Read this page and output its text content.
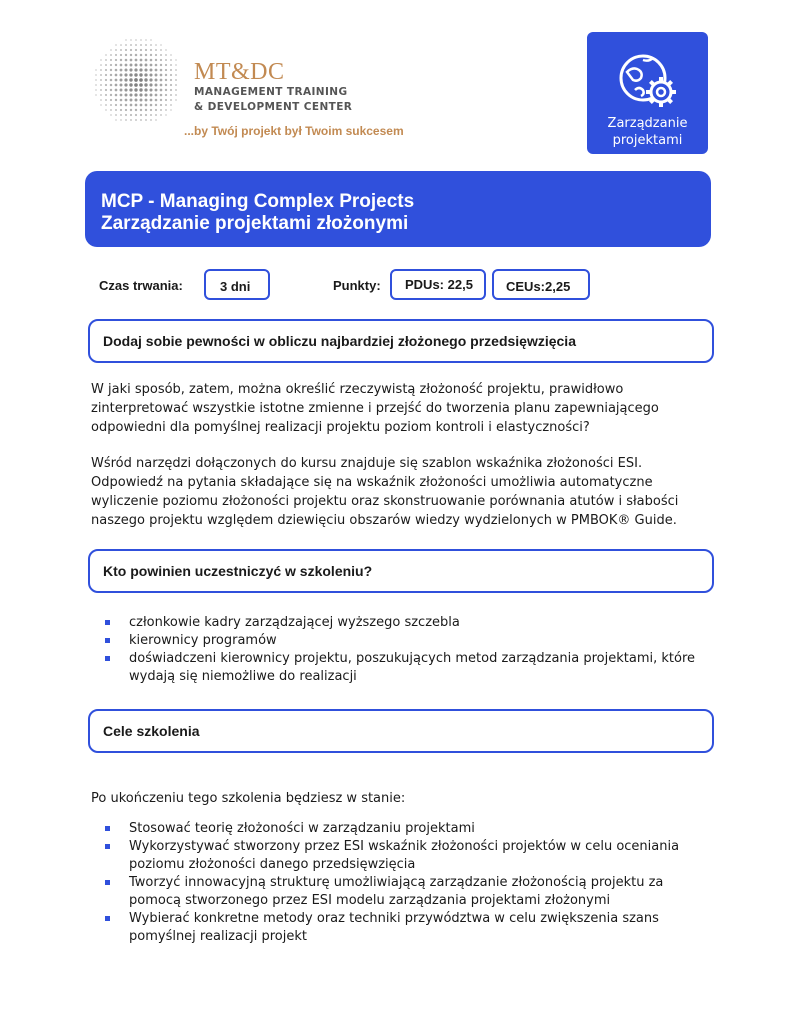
MT&DC
MANAGEMENT TRAINING
& DEVELOPMENT CENTER
...by Twój projekt był Twoim sukcesem	Zarządzanie
projektami
MCP - Managing Complex Projects
Zarządzanie projektami złożonymi
Czas trwania:	3 dni	Punkty:	PDUs: 22,5	CEUs:2,25
Dodaj sobie pewności w obliczu najbardziej złożonego przedsięwzięcia
W jaki sposób, zatem, można określić rzeczywistą złożoność projektu, prawidłowo zinterpretować wszystkie istotne zmienne i przejść do tworzenia planu zapewniającego odpowiedni dla pomyślnej realizacji projektu poziom kontroli i elastyczności?
Wśród narzędzi dołączonych do kursu znajduje się szablon wskaźnika złożoności ESI. Odpowiedź na pytania składające się na wskaźnik złożoności umożliwia automatyczne wyliczenie poziomu złożoności projektu oraz skonstruowanie porównania atutów i słabości naszego projektu względem dziewięciu obszarów wiedzy wydzielonych w PMBOK® Guide.
Kto powinien uczestniczyć w szkoleniu?
członkowie kadry zarządzającej wyższego szczebla
kierownicy programów
doświadczeni kierownicy projektu, poszukujących metod zarządzania projektami, które wydają się niemożliwe do realizacji
Cele szkolenia
Po ukończeniu tego szkolenia będziesz w stanie:
Stosować teorię złożoności w zarządzaniu projektami
Wykorzystywać stworzony przez ESI wskaźnik złożoności projektów w celu oceniania poziomu złożoności danego przedsięwzięcia
Tworzyć innowacyjną strukturę umożliwiającą zarządzanie złożonością projektu za pomocą stworzonego przez ESI modelu zarządzania projektami złożonymi
Wybierać konkretne metody oraz techniki przywództwa w celu zwiększenia szans pomyślnej realizacji projekt
